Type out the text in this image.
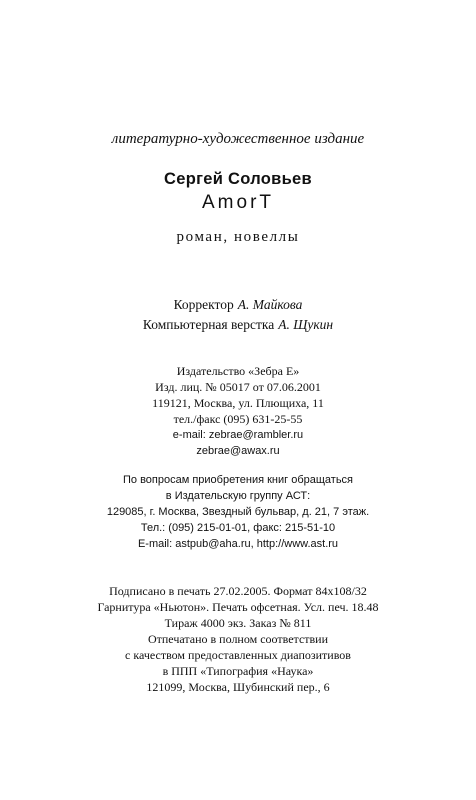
литературно-художественное издание
Сергей Соловьев
AmorT
роман, новеллы
Корректор А. Майкова
Компьютерная верстка А. Щукин
Издательство «Зебра Е»
Изд. лиц. № 05017 от 07.06.2001
119121, Москва, ул. Плющиха, 11
тел./факс (095) 631-25-55
e-mail: zebrae@rambler.ru
zebrae@awax.ru
По вопросам приобретения книг обращаться
в Издательскую группу АСТ:
129085, г. Москва, Звездный бульвар, д. 21, 7 этаж.
Тел.: (095) 215-01-01, факс: 215-51-10
E-mail: astpub@aha.ru, http://www.ast.ru
Подписано в печать 27.02.2005. Формат 84х108/32
Гарнитура «Ньютон». Печать офсетная. Усл. печ. 18.48
Тираж 4000 экз. Заказ № 811
Отпечатано в полном соответствии
с качеством предоставленных диапозитивов
в ППП «Типография «Наука»
121099, Москва, Шубинский пер., 6
